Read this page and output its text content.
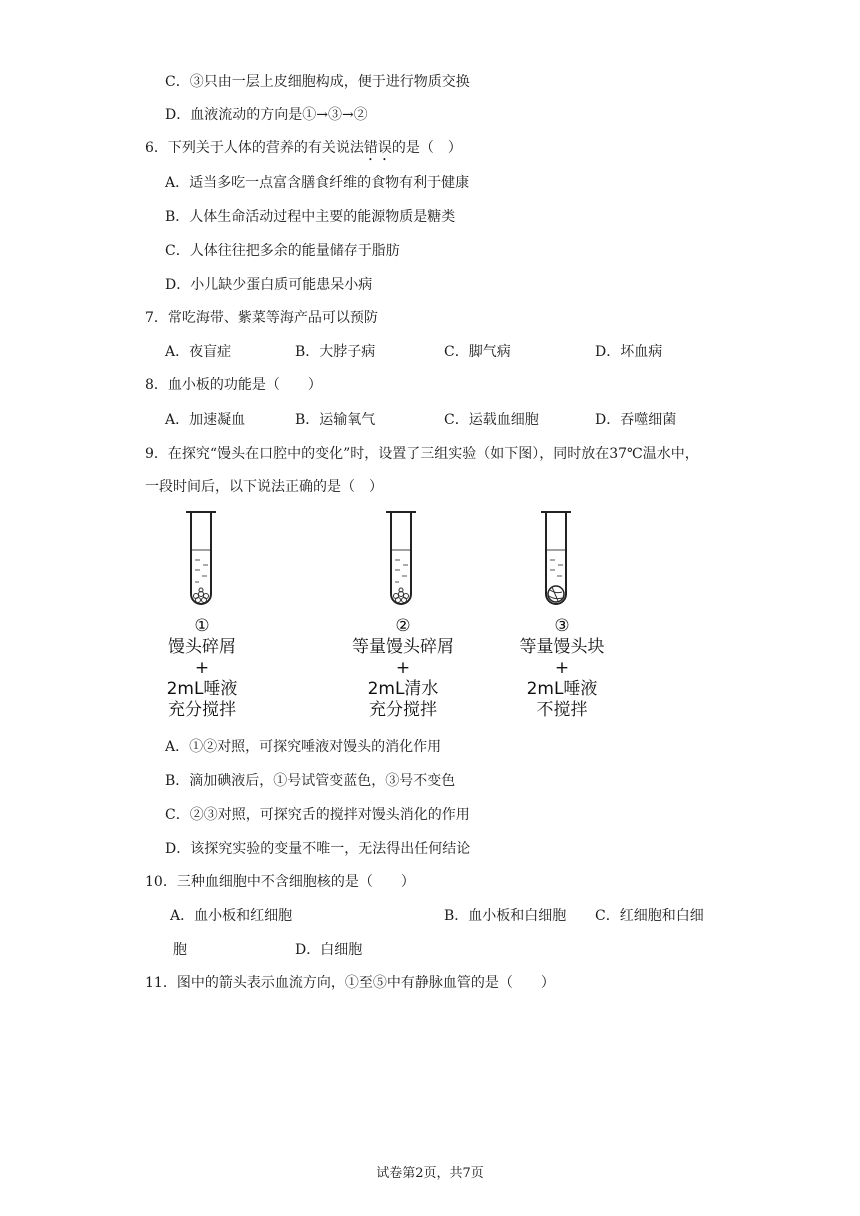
C．③只由一层上皮细胞构成，便于进行物质交换
D．血液流动的方向是①→③→②
6．下列关于人体的营养的有关说法错误的是（　）
A．适当多吃一点富含膳食纤维的食物有利于健康
B．人体生命活动过程中主要的能源物质是糖类
C．人体往往把多余的能量储存于脂肪
D．小儿缺少蛋白质可能患呆小病
7．常吃海带、紫菜等海产品可以预防
A．夜盲症	B．大脖子病	C．脚气病	D．坏血病
8．血小板的功能是（　　）
A．加速凝血	B．运输氧气	C．运载血细胞	D．吞噬细菌
9．在探究“馒头在口腔中的变化”时，设置了三组实验（如下图），同时放在37℃温水中，
一段时间后，以下说法正确的是（　）
①
馒头碎屑
+
2mL唾液
充分搅拌
②
等量馒头碎屑
+
2mL清水
充分搅拌
③
等量馒头块
+
2mL唾液
不搅拌
A．①②对照，可探究唾液对馒头的消化作用
B．滴加碘液后，①号试管变蓝色，③号不变色
C．②③对照，可探究舌的搅拌对馒头消化的作用
D．该探究实验的变量不唯一，无法得出任何结论
10．三种血细胞中不含细胞核的是（　　）
A．血小板和红细胞	B．血小板和白细胞 C．红细胞和白细
胞	D．白细胞
11．图中的箭头表示血流方向，①至⑤中有静脉血管的是（　　）
试卷第2页，共7页
